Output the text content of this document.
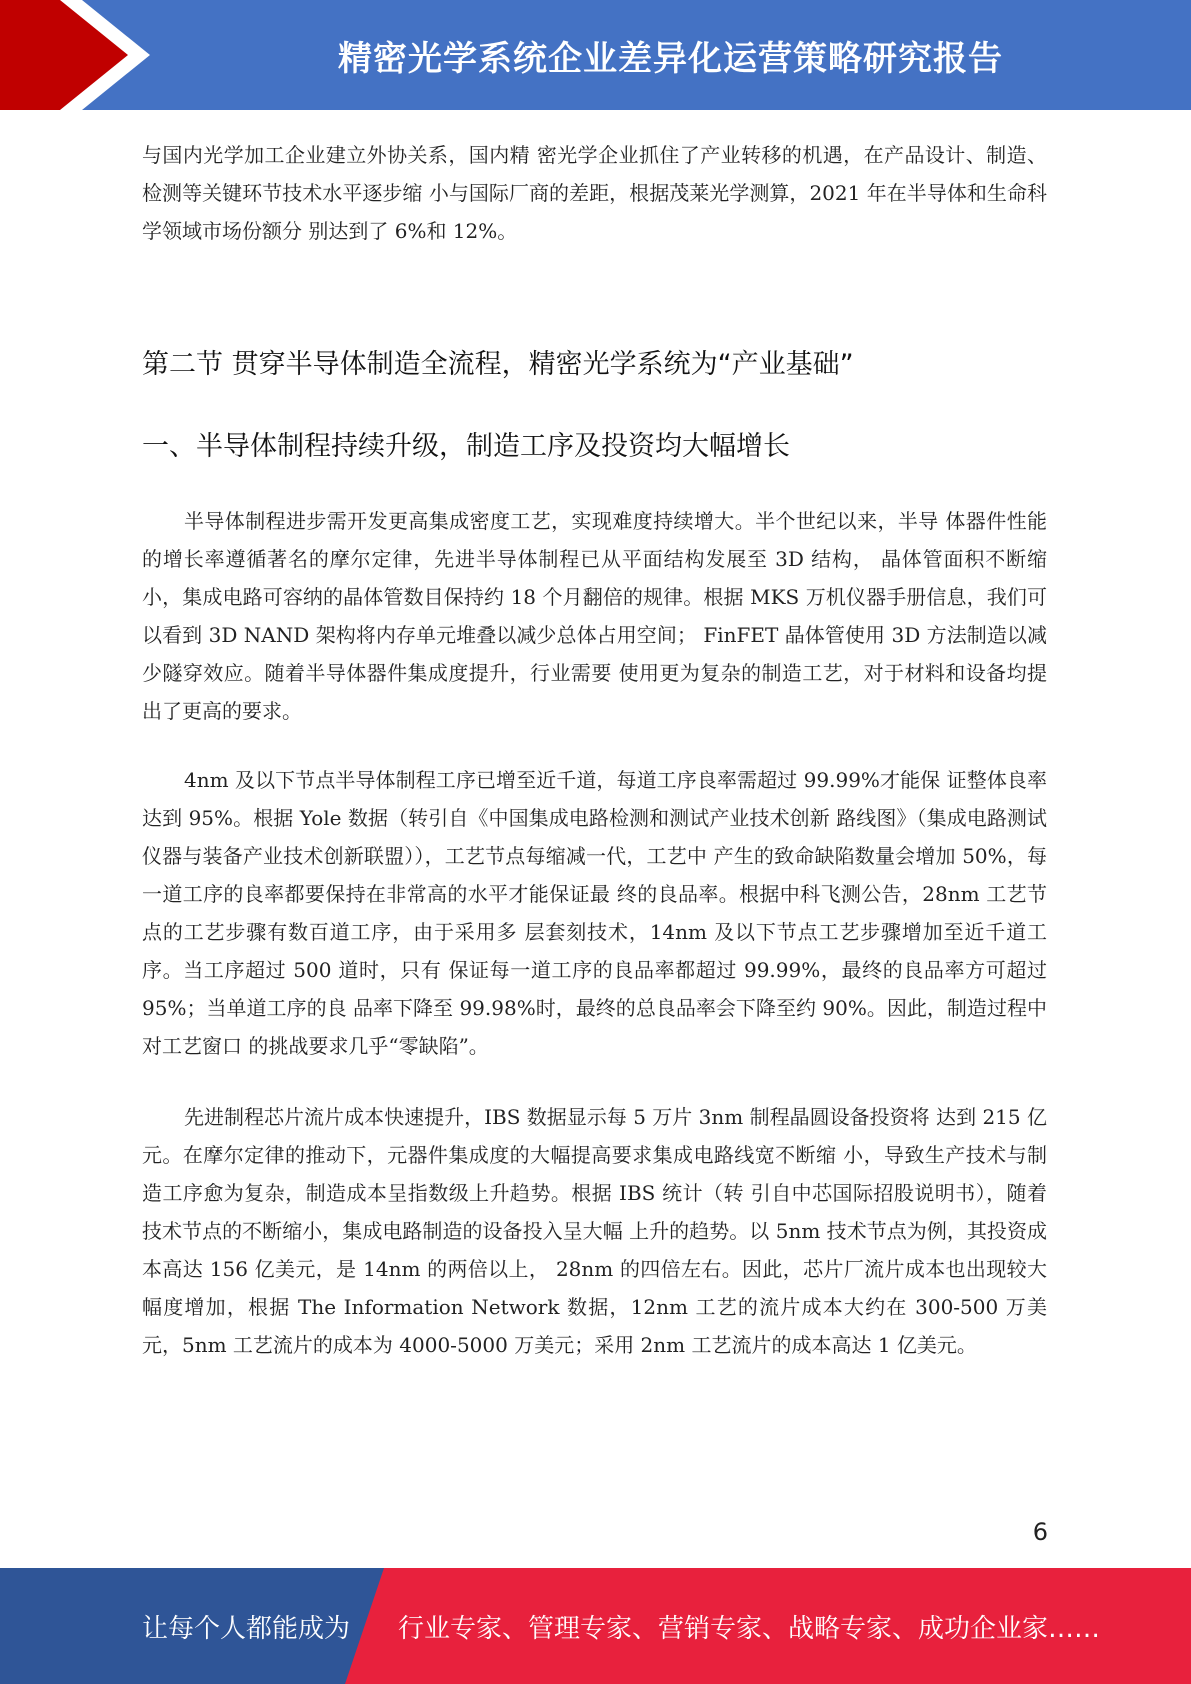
精密光学系统企业差异化运营策略研究报告

与国内光学加工企业建立外协关系，国内精 密光学企业抓住了产业转移的机遇，在产品设计、制造、检测等关键环节技术水平逐步缩 小与国际厂商的差距，根据茂莱光学测算，2021 年在半导体和生命科学领域市场份额分 别达到了 6%和 12%。

第二节 贯穿半导体制造全流程，精密光学系统为“产业基础”
一、半导体制程持续升级，制造工序及投资均大幅增长

半导体制程进步需开发更高集成密度工艺，实现难度持续增大。半个世纪以来，半导 体器件性能的增长率遵循著名的摩尔定律，先进半导体制程已从平面结构发展至 3D 结构， 晶体管面积不断缩小，集成电路可容纳的晶体管数目保持约 18 个月翻倍的规律。根据 MKS 万机仪器手册信息，我们可以看到 3D NAND 架构将内存单元堆叠以减少总体占用空间； FinFET 晶体管使用 3D 方法制造以减少隧穿效应。随着半导体器件集成度提升，行业需要 使用更为复杂的制造工艺，对于材料和设备均提出了更高的要求。

4nm 及以下节点半导体制程工序已增至近千道，每道工序良率需超过 99.99%才能保 证整体良率达到 95%。根据 Yole 数据（转引自《中国集成电路检测和测试产业技术创新 路线图》（集成电路测试仪器与装备产业技术创新联盟）），工艺节点每缩减一代，工艺中 产生的致命缺陷数量会增加 50%，每一道工序的良率都要保持在非常高的水平才能保证最 终的良品率。根据中科飞测公告，28nm 工艺节点的工艺步骤有数百道工序，由于采用多 层套刻技术，14nm 及以下节点工艺步骤增加至近千道工序。当工序超过 500 道时，只有 保证每一道工序的良品率都超过 99.99%，最终的良品率方可超过 95%；当单道工序的良 品率下降至 99.98%时，最终的总良品率会下降至约 90%。因此，制造过程中对工艺窗口 的挑战要求几乎“零缺陷”。

先进制程芯片流片成本快速提升，IBS 数据显示每 5 万片 3nm 制程晶圆设备投资将 达到 215 亿元。在摩尔定律的推动下，元器件集成度的大幅提高要求集成电路线宽不断缩 小，导致生产技术与制造工序愈为复杂，制造成本呈指数级上升趋势。根据 IBS 统计（转 引自中芯国际招股说明书），随着技术节点的不断缩小，集成电路制造的设备投入呈大幅 上升的趋势。以 5nm 技术节点为例，其投资成本高达 156 亿美元，是 14nm 的两倍以上， 28nm 的四倍左右。因此，芯片厂流片成本也出现较大幅度增加，根据 The Information Network 数据，12nm 工艺的流片成本大约在 300-500 万美元，5nm 工艺流片的成本为 4000-5000 万美元；采用 2nm 工艺流片的成本高达 1 亿美元。

6
让每个人都能成为 行业专家、管理专家、营销专家、战略专家、成功企业家……
